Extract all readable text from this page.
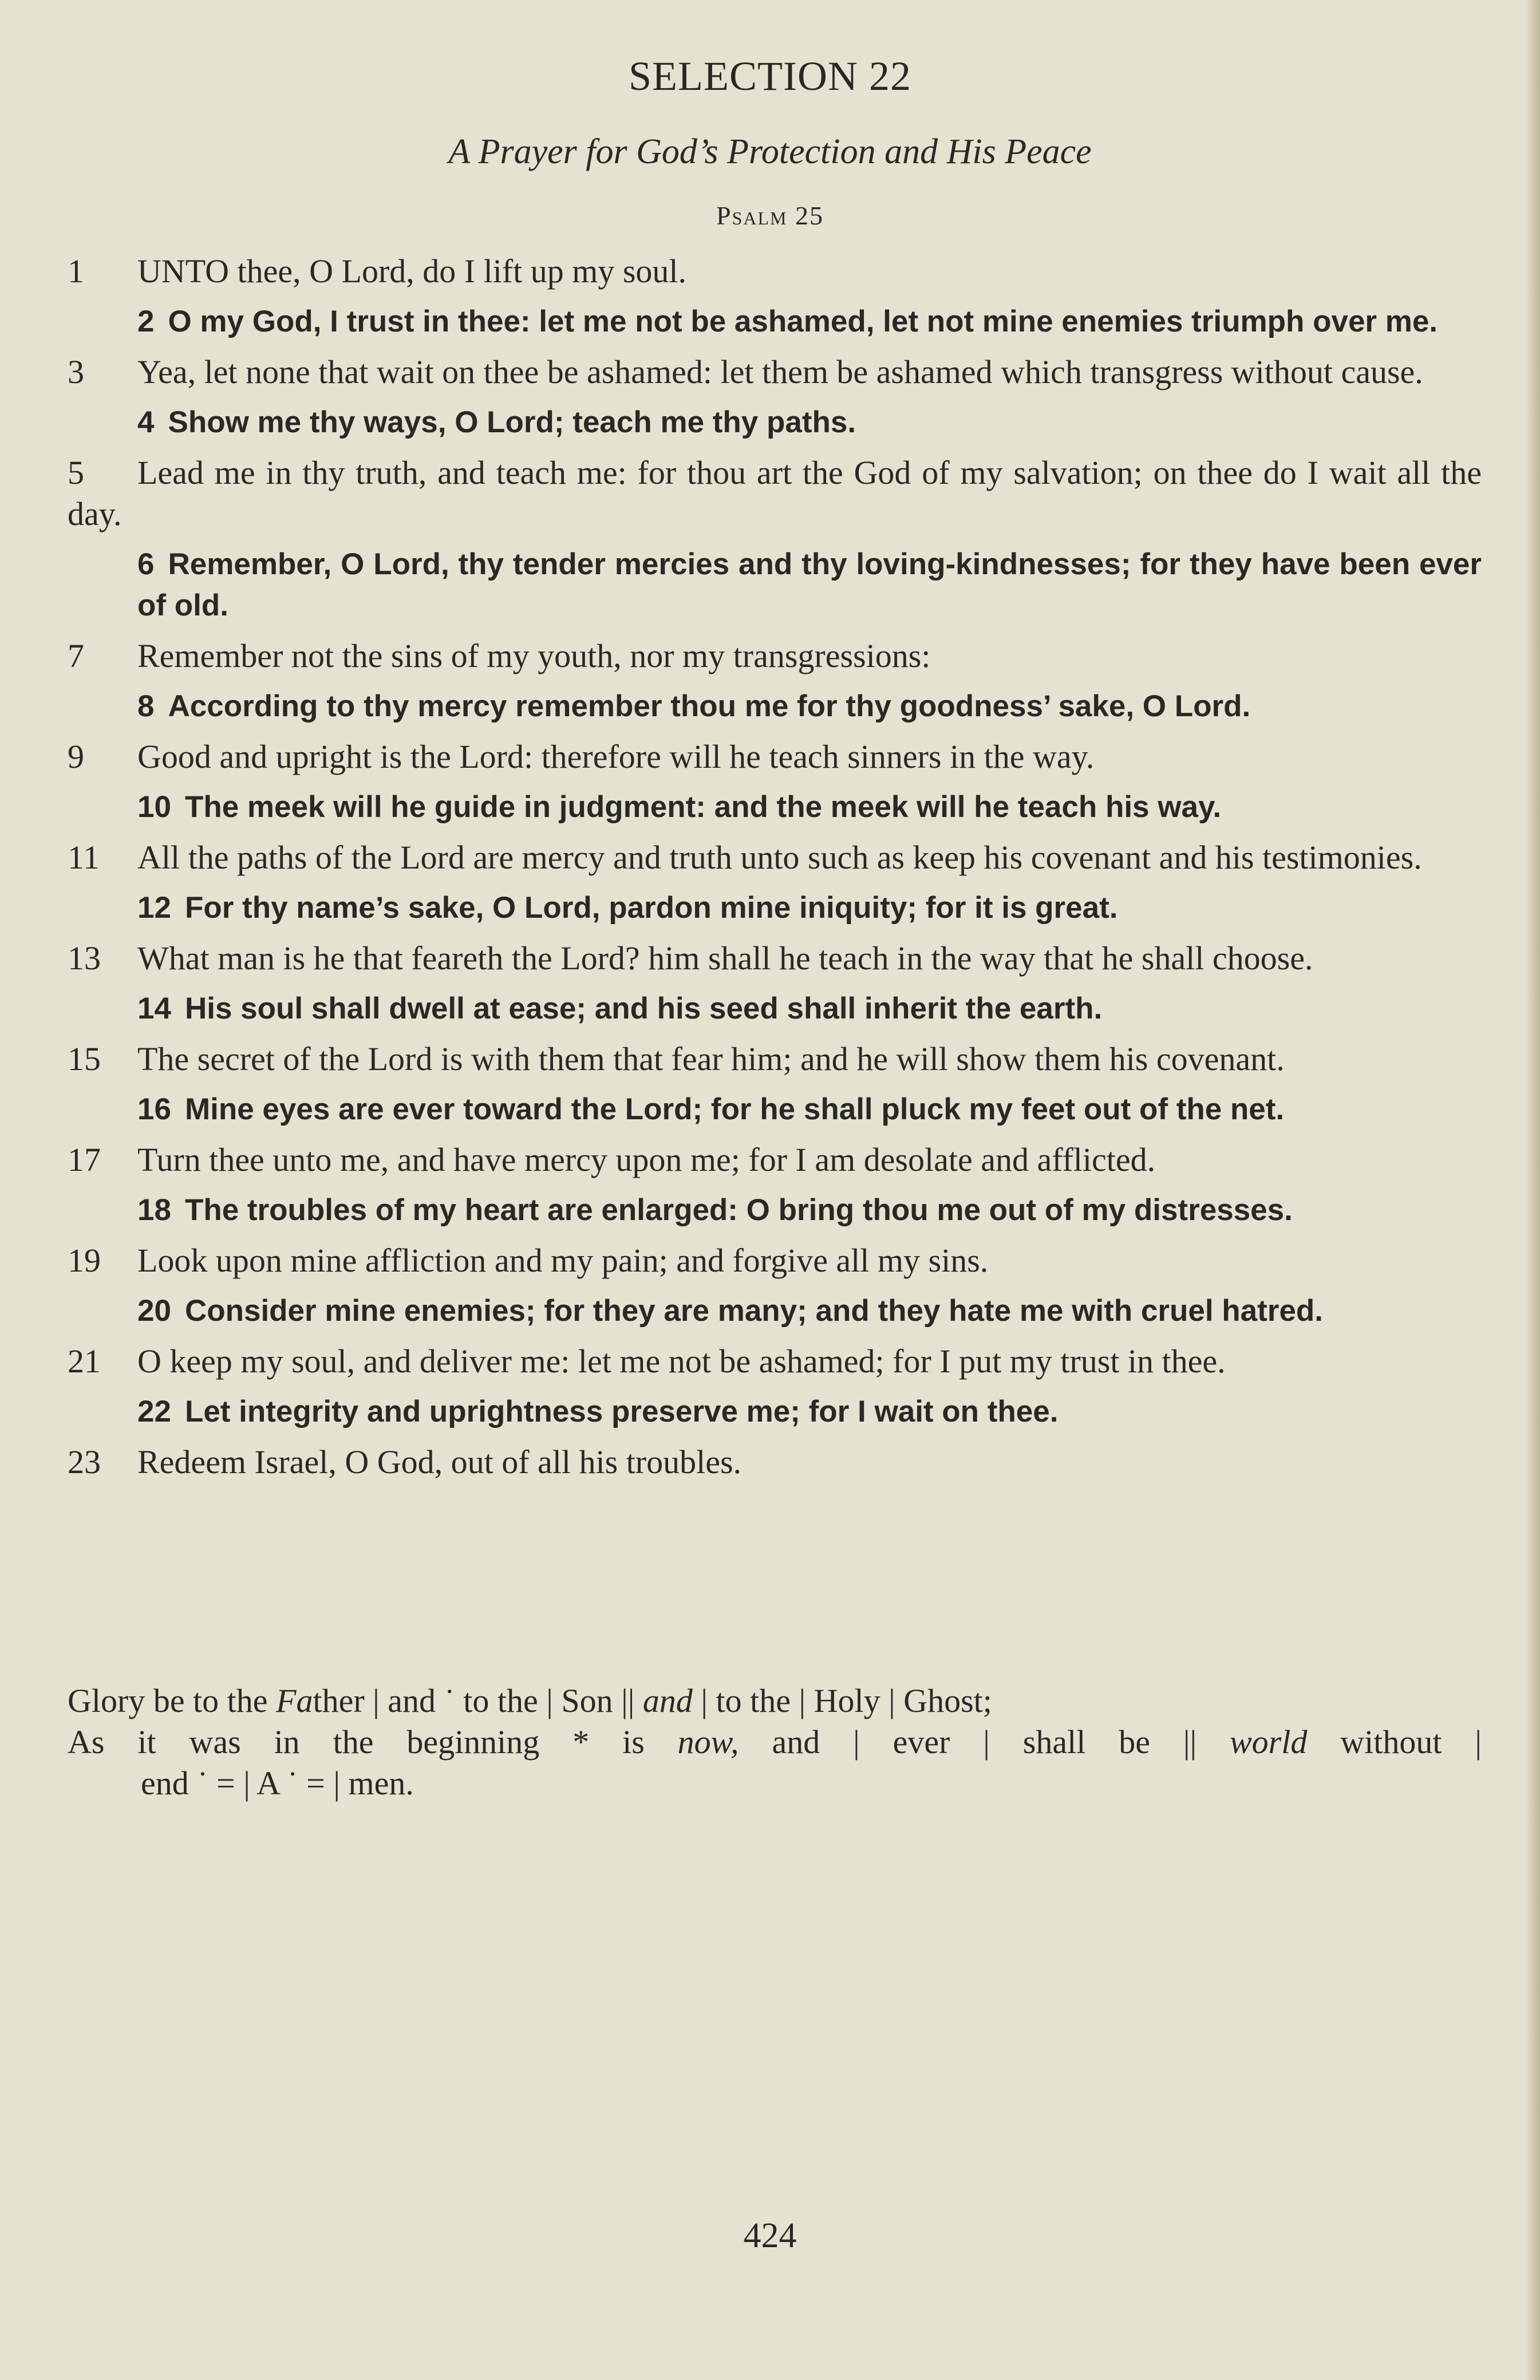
SELECTION 22
A Prayer for God’s Protection and His Peace
Psalm 25
1 UNTO thee, O Lord, do I lift up my soul.
2 O my God, I trust in thee: let me not be ashamed, let not mine enemies triumph over me.
3 Yea, let none that wait on thee be ashamed: let them be ashamed which transgress without cause.
4 Show me thy ways, O Lord; teach me thy paths.
5 Lead me in thy truth, and teach me: for thou art the God of my salvation; on thee do I wait all the day.
6 Remember, O Lord, thy tender mercies and thy loving-kindnesses; for they have been ever of old.
7 Remember not the sins of my youth, nor my transgressions:
8 According to thy mercy remember thou me for thy goodness’ sake, O Lord.
9 Good and upright is the Lord: therefore will he teach sinners in the way.
10 The meek will he guide in judgment: and the meek will he teach his way.
11 All the paths of the Lord are mercy and truth unto such as keep his covenant and his testimonies.
12 For thy name’s sake, O Lord, pardon mine iniquity; for it is great.
13 What man is he that feareth the Lord? him shall he teach in the way that he shall choose.
14 His soul shall dwell at ease; and his seed shall inherit the earth.
15 The secret of the Lord is with them that fear him; and he will show them his covenant.
16 Mine eyes are ever toward the Lord; for he shall pluck my feet out of the net.
17 Turn thee unto me, and have mercy upon me; for I am desolate and afflicted.
18 The troubles of my heart are enlarged: O bring thou me out of my distresses.
19 Look upon mine affliction and my pain; and forgive all my sins.
20 Consider mine enemies; for they are many; and they hate me with cruel hatred.
21 O keep my soul, and deliver me: let me not be ashamed; for I put my trust in thee.
22 Let integrity and uprightness preserve me; for I wait on thee.
23 Redeem Israel, O God, out of all his troubles.
Glory be to the Father | and ˙ to the | Son || and | to the | Holy | Ghost;
As it was in the beginning * is now, and | ever | shall be || world without |
end ˙ = | A ˙ = | men.
424
